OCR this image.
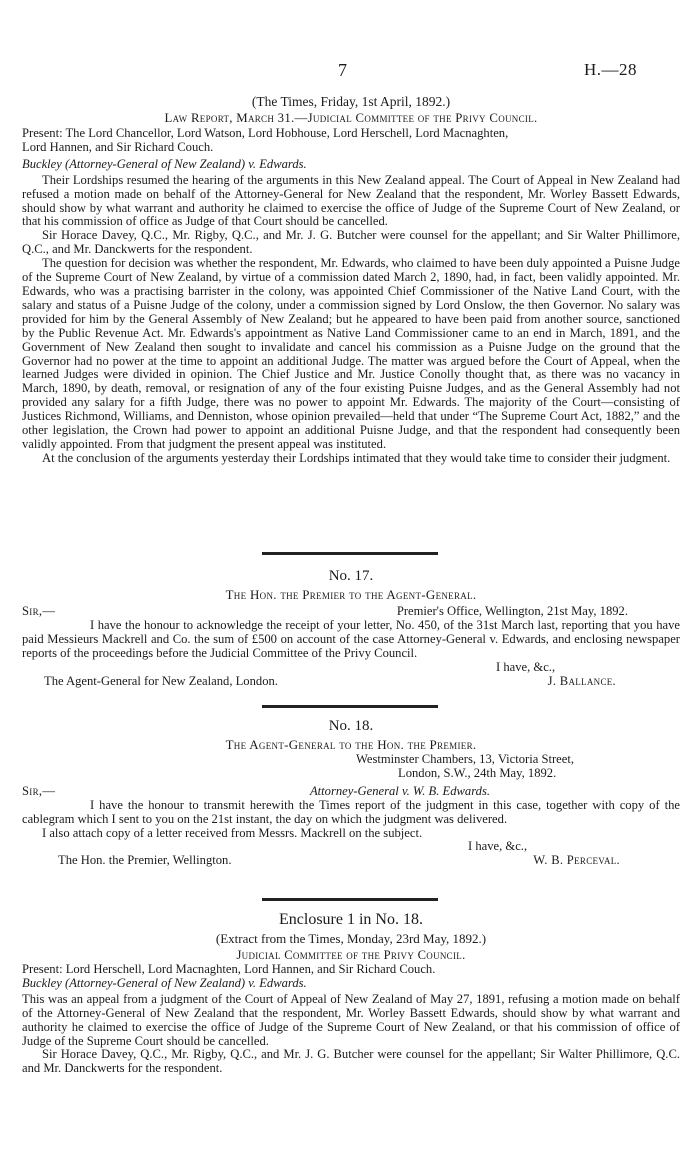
7	H.—28

(The Times, Friday, 1st April, 1892.)

Law Report, March 31.—Judicial Committee of the Privy Council.

Present: The Lord Chancellor, Lord Watson, Lord Hobhouse, Lord Herschell, Lord Macnaghten,

Lord Hannen, and Sir Richard Couch.

Buckley (Attorney-General of New Zealand) v. Edwards.

Their Lordships resumed the hearing of the arguments in this New Zealand appeal. The Court of Appeal in New Zealand had refused a motion made on behalf of the Attorney-General for New Zealand that the respondent, Mr. Worley Bassett Edwards, should show by what warrant and authority he claimed to exercise the office of Judge of the Supreme Court of New Zealand, or that his commission of office as Judge of that Court should be cancelled.

Sir Horace Davey, Q.C., Mr. Rigby, Q.C., and Mr. J. G. Butcher were counsel for the appellant; and Sir Walter Phillimore, Q.C., and Mr. Danckwerts for the respondent.

The question for decision was whether the respondent, Mr. Edwards, who claimed to have been duly appointed a Puisne Judge of the Supreme Court of New Zealand, by virtue of a commission dated March 2, 1890, had, in fact, been validly appointed. Mr. Edwards, who was a practising barrister in the colony, was appointed Chief Commissioner of the Native Land Court, with the salary and status of a Puisne Judge of the colony, under a commission signed by Lord Onslow, the then Governor. No salary was provided for him by the General Assembly of New Zealand; but he appeared to have been paid from another source, sanctioned by the Public Revenue Act. Mr. Edwards's appointment as Native Land Commissioner came to an end in March, 1891, and the Government of New Zealand then sought to invalidate and cancel his commission as a Puisne Judge on the ground that the Governor had no power at the time to appoint an additional Judge. The matter was argued before the Court of Appeal, when the learned Judges were divided in opinion. The Chief Justice and Mr. Justice Conolly thought that, as there was no vacancy in March, 1890, by death, removal, or resignation of any of the four existing Puisne Judges, and as the General Assembly had not provided any salary for a fifth Judge, there was no power to appoint Mr. Edwards. The majority of the Court—consisting of Justices Richmond, Williams, and Denniston, whose opinion prevailed—held that under “The Supreme Court Act, 1882,” and the other legislation, the Crown had power to appoint an additional Puisne Judge, and that the respondent had consequently been validly appointed. From that judgment the present appeal was instituted.

At the conclusion of the arguments yesterday their Lordships intimated that they would take time to consider their judgment.

No. 17.

The Hon. the Premier to the Agent-General.

Sir,—	Premier's Office, Wellington, 21st May, 1892.

I have the honour to acknowledge the receipt of your letter, No. 450, of the 31st March last, reporting that you have paid Messieurs Mackrell and Co. the sum of £500 on account of the case Attorney-General v. Edwards, and enclosing newspaper reports of the proceedings before the Judicial Committee of the Privy Council.

I have, &c.,

The Agent-General for New Zealand, London.	J. Ballance.

No. 18.

The Agent-General to the Hon. the Premier.

Westminster Chambers, 13, Victoria Street,

London, S.W., 24th May, 1892.

Sir,—	Attorney-General v. W. B. Edwards.

I have the honour to transmit herewith the Times report of the judgment in this case, together with copy of the cablegram which I sent to you on the 21st instant, the day on which the judgment was delivered.

I also attach copy of a letter received from Messrs. Mackrell on the subject.

I have, &c.,

The Hon. the Premier, Wellington.	W. B. Perceval.

Enclosure 1 in No. 18.

(Extract from the Times, Monday, 23rd May, 1892.)

Judicial Committee of the Privy Council.

Present: Lord Herschell, Lord Macnaghten, Lord Hannen, and Sir Richard Couch.

Buckley (Attorney-General of New Zealand) v. Edwards.

This was an appeal from a judgment of the Court of Appeal of New Zealand of May 27, 1891, refusing a motion made on behalf of the Attorney-General of New Zealand that the respondent, Mr. Worley Bassett Edwards, should show by what warrant and authority he claimed to exercise the office of Judge of the Supreme Court of New Zealand, or that his commission of office of Judge of the Supreme Court should be cancelled.

Sir Horace Davey, Q.C., Mr. Rigby, Q.C., and Mr. J. G. Butcher were counsel for the appellant; Sir Walter Phillimore, Q.C. and Mr. Danckwerts for the respondent.
